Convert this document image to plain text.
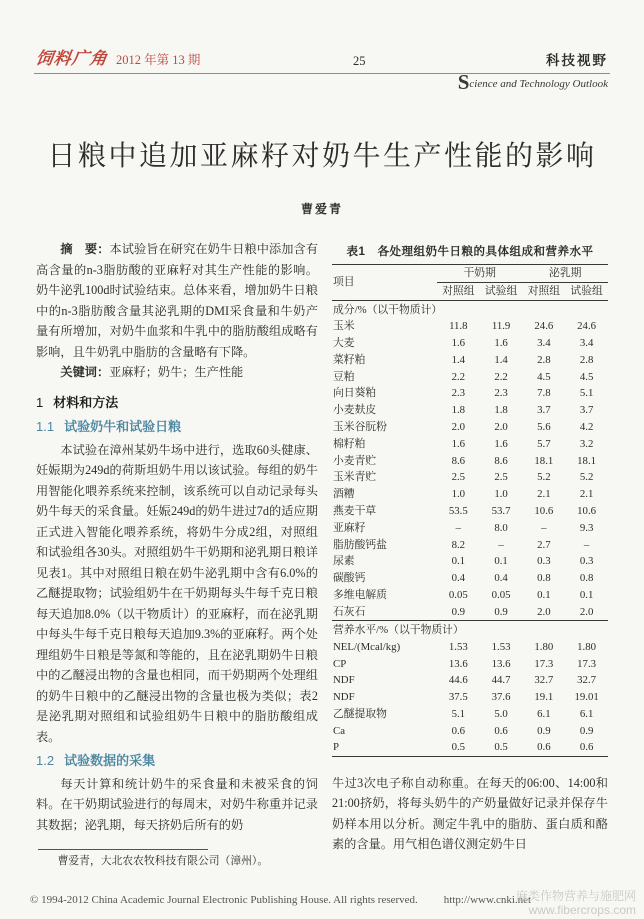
饲料广角 2012 年第 13 期	25	科技视野
Science and Technology Outlook
日粮中追加亚麻籽对奶牛生产性能的影响
曹爱青

摘　要：本试验旨在研究在奶牛日粮中添加含有高含量的n-3脂肪酸的亚麻籽对其生产性能的影响。奶牛泌乳100d时试验结束。总体来看，增加奶牛日粮中的n-3脂肪酸含量其泌乳期的DMI采食量和牛奶产量有所增加，对奶牛血浆和牛乳中的脂肪酸组成略有影响，且牛奶乳中脂肪的含量略有下降。

关键词：亚麻籽；奶牛；生产性能

1 材料和方法
1.1 试验奶牛和试验日粮

本试验在漳州某奶牛场中进行，选取60头健康、妊娠期为249d的荷斯坦奶牛用以该试验。每组的奶牛用智能化喂养系统来控制，该系统可以自动记录每头奶牛每天的采食量。妊娠249d的奶牛进过7d的适应期正式进入智能化喂养系统，将奶牛分成2组，对照组和试验组各30头。对照组奶牛干奶期和泌乳期日粮详见表1。其中对照组日粮在奶牛泌乳期中含有6.0%的乙醚提取物；试验组奶牛在干奶期每头牛每千克日粮每天追加8.0%（以干物质计）的亚麻籽，而在泌乳期中每头牛每千克日粮每天追加9.3%的亚麻籽。两个处理组奶牛日粮是等氮和等能的，且在泌乳期奶牛日粮中的乙醚浸出物的含量也相同，而干奶期两个处理组的奶牛日粮中的乙醚浸出物的含量也极为类似；表2是泌乳期对照组和试验组奶牛日粮中的脂肪酸组成表。

1.2 试验数据的采集

每天计算和统计奶牛的采食量和未被采食的饲料。在干奶期试验进行的每周末，对奶牛称重并记录其数据；泌乳期，每天挤奶后所有的奶

曹爱青，大北农农牧科技有限公司（漳州）。

表1　各处理组奶牛日粮的具体组成和营养水平
项目	干奶期		泌乳期	
	对照组	试验组	对照组	试验组
成分/%（以干物质计）				
玉米	11.8	11.9	24.6	24.6
大麦	1.6	1.6	3.4	3.4
菜籽粕	1.4	1.4	2.8	2.8
豆粕	2.2	2.2	4.5	4.5
向日葵粕	2.3	2.3	7.8	5.1
小麦麸皮	1.8	1.8	3.7	3.7
玉米谷朊粉	2.0	2.0	5.6	4.2
棉籽粕	1.6	1.6	5.7	3.2
小麦青贮	8.6	8.6	18.1	18.1
玉米青贮	2.5	2.5	5.2	5.2
酒糟	1.0	1.0	2.1	2.1
燕麦干草	53.5	53.7	10.6	10.6
亚麻籽	–	8.0	–	9.3
脂肪酸钙盐	8.2	–	2.7	–
尿素	0.1	0.1	0.3	0.3
碳酸钙	0.4	0.4	0.8	0.8
多维电解质	0.05	0.05	0.1	0.1
石灰石	0.9	0.9	2.0	2.0
营养水平/%（以干物质计）				
NEL/(Mcal/kg)	1.53	1.53	1.80	1.80
CP	13.6	13.6	17.3	17.3
NDF	44.6	44.7	32.7	32.7
NDF	37.5	37.6	19.1	19.01
乙醚提取物	5.1	5.0	6.1	6.1
Ca	0.6	0.6	0.9	0.9
P	0.5	0.5	0.6	0.6

牛过3次电子称自动称重。在每天的06:00、14:00和21:00挤奶，将每头奶牛的产奶量做好记录并保存牛奶样本用以分析。测定牛乳中的脂肪、蛋白质和酪素的含量。用气相色谱仪测定奶牛日

© 1994-2012 China Academic Journal Electronic Publishing House. All rights reserved. http://www.cnki.net
麻类作物营养与施肥网
www.fibercrops.com
